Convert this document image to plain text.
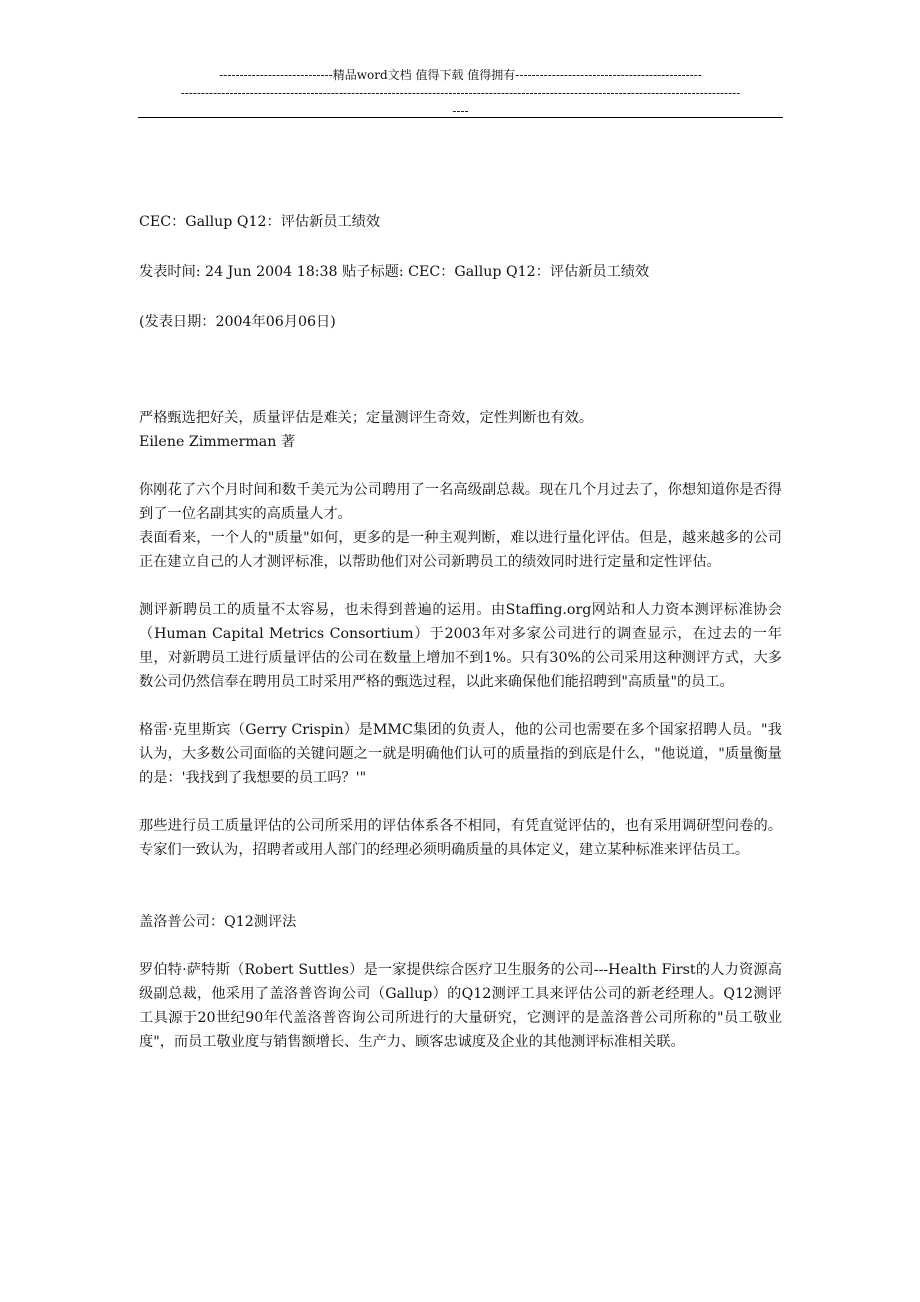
----------------------------精品word文档 值得下载 值得拥有----------------------------------------------
------------------------------------------------------------------------------------------------------------------------------------------
----

CEC：Gallup Q12：评估新员工绩效

发表时间: 24 Jun 2004 18:38 贴子标题: CEC：Gallup Q12：评估新员工绩效

(发表日期：2004年06月06日)

严格甄选把好关，质量评估是难关；定量测评生奇效，定性判断也有效。

Eilene Zimmerman 著

你刚花了六个月时间和数千美元为公司聘用了一名高级副总裁。现在几个月过去了，你想知道你是否得到了一位名副其实的高质量人才。

表面看来，一个人的"质量"如何，更多的是一种主观判断，难以进行量化评估。但是，越来越多的公司正在建立自己的人才测评标准，以帮助他们对公司新聘员工的绩效同时进行定量和定性评估。

测评新聘员工的质量不太容易，也未得到普遍的运用。由Staffing.org网站和人力资本测评标准协会（Human Capital Metrics Consortium）于2003年对多家公司进行的调查显示，在过去的一年里，对新聘员工进行质量评估的公司在数量上增加不到1%。只有30%的公司采用这种测评方式，大多数公司仍然信奉在聘用员工时采用严格的甄选过程，以此来确保他们能招聘到"高质量"的员工。

格雷·克里斯宾（Gerry Crispin）是MMC集团的负责人，他的公司也需要在多个国家招聘人员。"我认为，大多数公司面临的关键问题之一就是明确他们认可的质量指的到底是什么，"他说道，"质量衡量的是：'我找到了我想要的员工吗？'"

那些进行员工质量评估的公司所采用的评估体系各不相同，有凭直觉评估的，也有采用调研型问卷的。专家们一致认为，招聘者或用人部门的经理必须明确质量的具体定义，建立某种标准来评估员工。

盖洛普公司：Q12测评法

罗伯特·萨特斯（Robert Suttles）是一家提供综合医疗卫生服务的公司---Health First的人力资源高级副总裁，他采用了盖洛普咨询公司（Gallup）的Q12测评工具来评估公司的新老经理人。Q12测评工具源于20世纪90年代盖洛普咨询公司所进行的大量研究，它测评的是盖洛普公司所称的"员工敬业度"，而员工敬业度与销售额增长、生产力、顾客忠诚度及企业的其他测评标准相关联。
